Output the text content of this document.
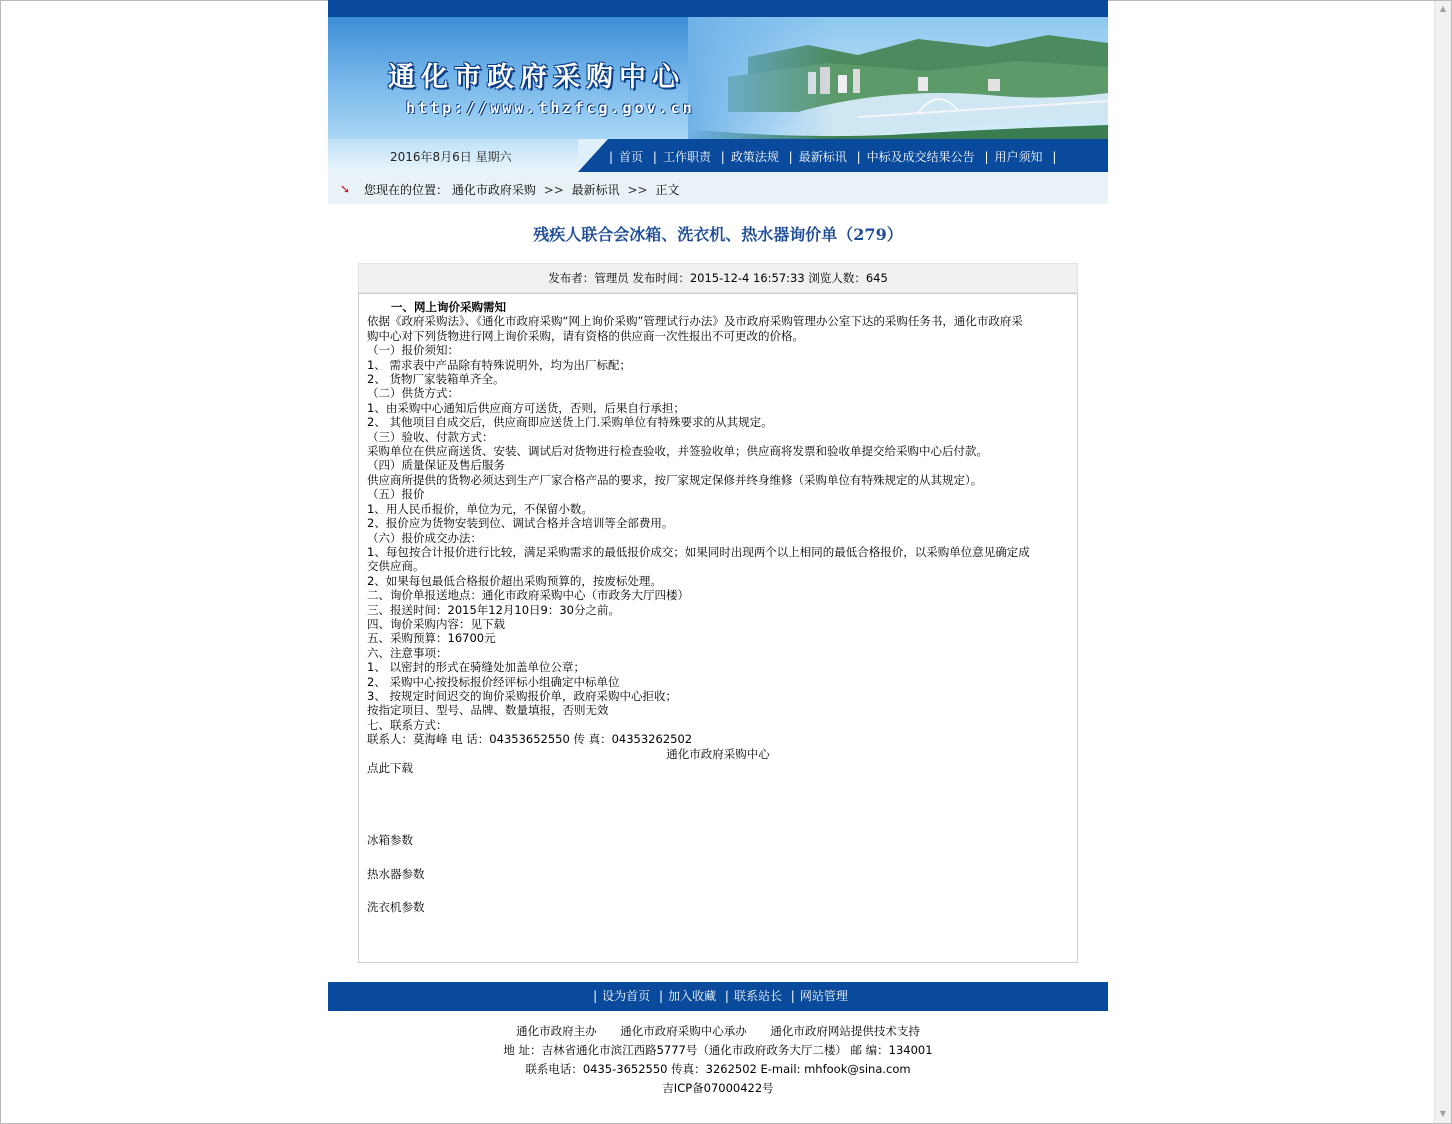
▲
▼
通化市政府采购中心
http://www.thzfcg.gov.cn
2016年8月6日 星期六	| 首页 | 工作职责 | 政策法规 | 最新标讯 | 中标及成交结果公告 | 用户须知 |
➘ 您现在的位置： 通化市政府采购 >> 最新标讯 >> 正文
残疾人联合会冰箱、洗衣机、热水器询价单（279）
发布者：管理员 发布时间：2015-12-4 16:57:33 浏览人数：645

一、网上询价采购需知

依据《政府采购法》、《通化市政府采购“网上询价采购”管理试行办法》及市政府采购管理办公室下达的采购任务书，通化市政府采

购中心对下列货物进行网上询价采购，请有资格的供应商一次性报出不可更改的价格。

（一）报价须知：

1、 需求表中产品除有特殊说明外，均为出厂标配；

2、 货物厂家装箱单齐全。

（二）供货方式：

1、由采购中心通知后供应商方可送货，否则，后果自行承担；

2、 其他项目自成交后，供应商即应送货上门.采购单位有特殊要求的从其规定。

（三）验收、付款方式：

采购单位在供应商送货、安装、调试后对货物进行检查验收，并签验收单；供应商将发票和验收单提交给采购中心后付款。

（四）质量保证及售后服务

供应商所提供的货物必须达到生产厂家合格产品的要求，按厂家规定保修并终身维修（采购单位有特殊规定的从其规定）。

（五）报价

1、用人民币报价，单位为元，不保留小数。

2、报价应为货物安装到位、调试合格并含培训等全部费用。

（六）报价成交办法：

1、每包按合计报价进行比较，满足采购需求的最低报价成交；如果同时出现两个以上相同的最低合格报价，以采购单位意见确定成

交供应商。

2、如果每包最低合格报价超出采购预算的，按废标处理。

二、询价单报送地点：通化市政府采购中心（市政务大厅四楼）

三、报送时间：2015年12月10日9：30分之前。

四、询价采购内容：见下载

五、采购预算：16700元

六、注意事项：

1、 以密封的形式在骑缝处加盖单位公章；

2、 采购中心按投标报价经评标小组确定中标单位

3、 按规定时间迟交的询价采购报价单，政府采购中心拒收；

按指定项目、型号、品牌、数量填报，否则无效

七、联系方式：

联系人：莫海峰 电 话：04353652550 传 真：04353262502

通化市政府采购中心

点此下载

冰箱参数

热水器参数

洗衣机参数

| 设为首页 | 加入收藏 | 联系站长 | 网站管理
通化市政府主办 通化市政府采购中心承办 通化市政府网站提供技术支持
地 址：吉林省通化市滨江西路5777号（通化市政府政务大厅二楼） 邮 编：134001
联系电话：0435-3652550 传真：3262502 E-mail: mhfook@sina.com
吉ICP备07000422号
